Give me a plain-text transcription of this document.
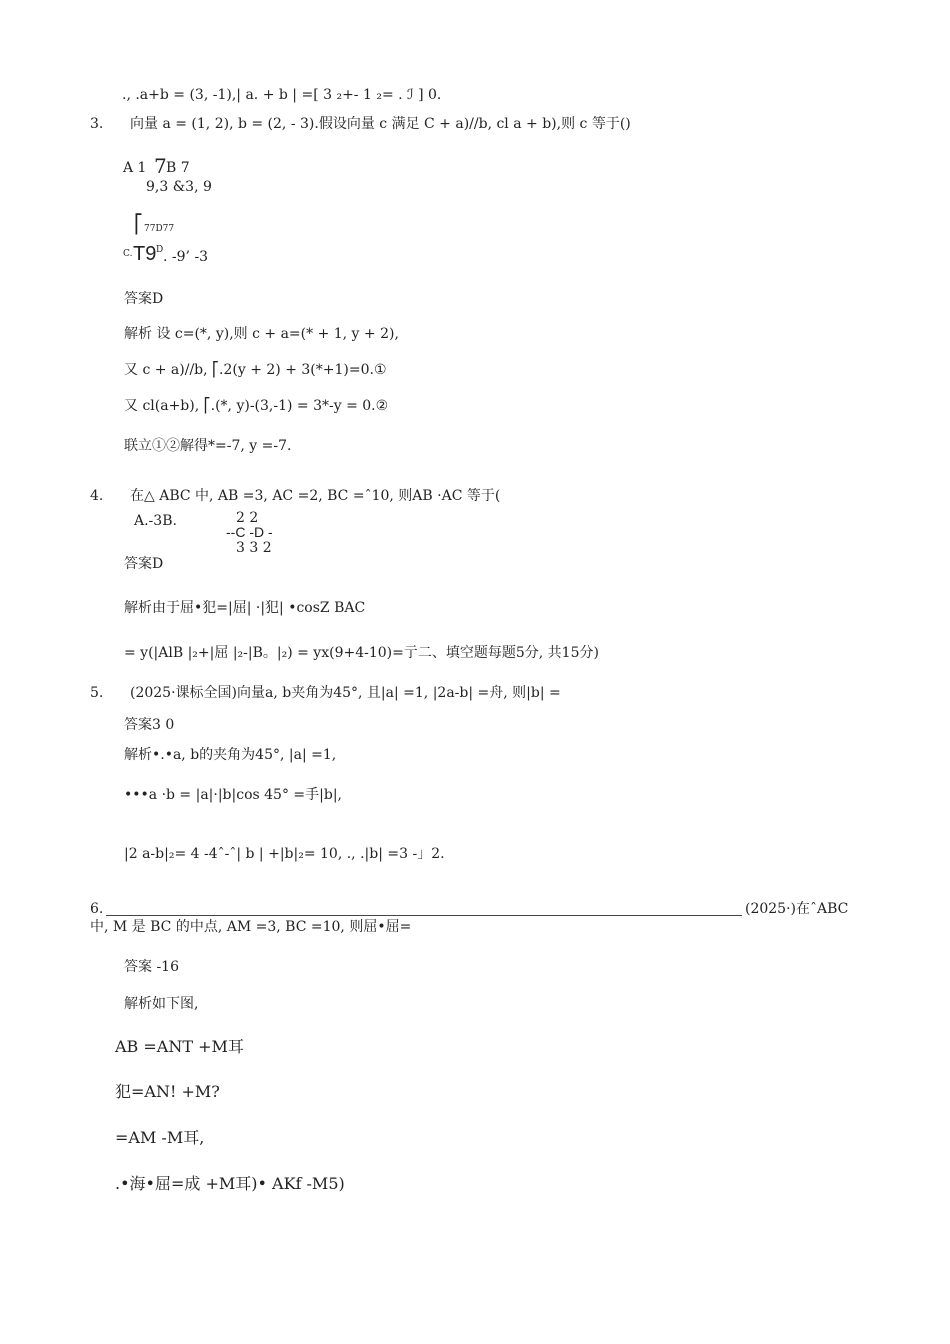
., .a+b = (3, -1),| a. + b | =[ 3 ₂+- 1 ₂= . ℐ ] 0.
3. 向量 a = (1, 2), b = (2, - 3).假设向量 c 满足 C + a)//b, cl a + b),则 c 等于()
A 1 7 B 7
9,3 &3, 9
⎡ 77D77
C. T9 D . -9’ -3
答案D
解析 设 c=(*, y),则 c + a=(* + 1, y + 2),
又 c + a)//b, ⎡.2(y + 2) + 3(*+1)=0.①
又 cl(a+b), ⎡.(*, y)-(3,-1) = 3*-y = 0.②
联立①②解得*=-7, y =-7.
4. 在△ ABC 中, AB =3, AC =2, BC =ˆ10, 则AB ·AC 等于(
A.-3B.	2 2
--C -D -
3 3 2
答案D
解析由于屈•犯=|屈| ·|犯| •cosZ BAC
= y(|AlB |₂+|屈 |₂-|B。|₂) = yx(9+4-10)=亍二、填空题每题5分, 共15分)
5. (2025·课标全国)向量a, b夹角为45°, 且|a| =1, |2a-b| =舟, 则|b| =
答案3 0
解析•.•a, b的夹角为45°, |a| =1,
•••a ·b = |a|·|b|cos 45° =手|b|,
|2 a-b|₂= 4 -4ˆ-ˆ| b | +|b|₂= 10, ., .|b| =3 -」2.
6.	(2025·)在ˆABC
中, M 是 BC 的中点, AM =3, BC =10, 则屈•屈=
答案 -16
解析如下图,
AB =ANT +M耳
犯=AN! +M?
=AM -M耳,
.•海•屈=成 +M耳)• AKf -M5)
